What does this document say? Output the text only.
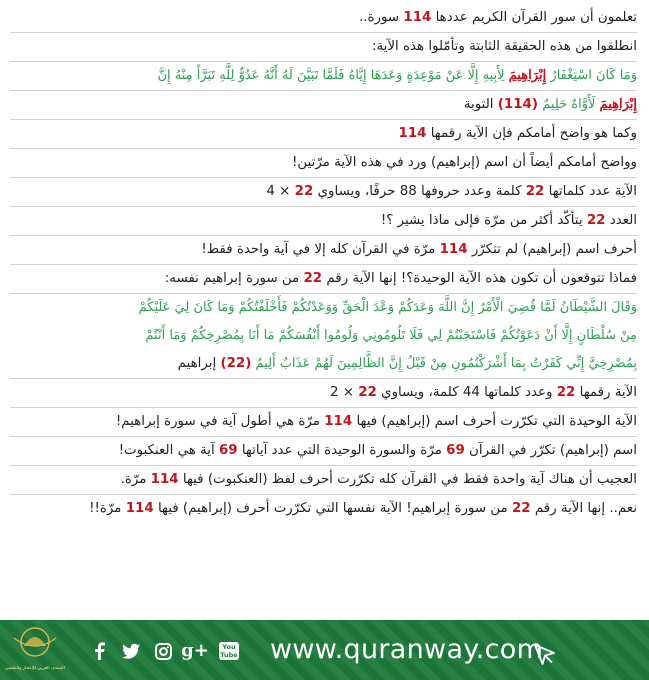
تعلمون أن سور القرآن الكريم عددها 114 سورة..
انطلقوا من هذه الحقيقة الثابتة وتأمّلوا هذه الآية:
وَمَا كَانَ اسْتِغْفَارُ إِبْرَاهِيمَ لِأَبِيهِ إِلَّا عَنْ مَوْعِدَةٍ وَعَدَهَا إِيَّاهُ فَلَمَّا تَبَيَّنَ لَهُ أَنَّهُ عَدُوٌّ لِلَّهِ تَبَرَّأَ مِنْهُ إِنَّ
إِبْرَاهِيمَ لَأَوَّاهٌ حَلِيمٌ (114) التوبة
وكما هو واضح أمامكم فإن الآية رقمها 114
وواضح أمامكم أيضاً أن اسم (إبراهيم) ورد في هذه الآية مرّتين!
الآية عدد كلماتها 22 كلمة وعدد حروفها 88 حرفًا، ويساوي 22 × 4
العدد 22 يتأكّد أكثر من مرّة فإلى ماذا يشير ؟!
أحرف اسم (إبراهيم) لم تتكرّر 114 مرّة في القرآن كله إلا في آية واحدة فقط!
فماذا تتوقعون أن تكون هذه الآية الوحيدة؟! إنها الآية رقم 22 من سورة إبراهيم نفسه:
وَقَالَ الشَّيْطَانُ لَمَّا قُضِيَ الْأَمْرُ إِنَّ اللَّهَ وَعَدَكُمْ وَعْدَ الْحَقِّ وَوَعَدْتُكُمْ فَأَخْلَفْتُكُمْ وَمَا كَانَ لِيَ عَلَيْكُمْ
مِنْ سُلْطَانٍ إِلَّا أَنْ دَعَوْتُكُمْ فَاسْتَجَبْتُمْ لِي فَلَا تَلُومُونِي وَلُومُوا أَنْفُسَكُمْ مَا أَنَا بِمُصْرِخِكُمْ وَمَا أَنْتُمْ
بِمُصْرِخِيَّ إِنِّي كَفَرْتُ بِمَا أَشْرَكْتُمُونِ مِنْ قَبْلُ إِنَّ الظَّالِمِينَ لَهُمْ عَذَابٌ أَلِيمٌ (22) إبراهيم
الآية رقمها 22 وعدد كلماتها 44 كلمة، ويساوي 22 × 2
الآية الوحيدة التي تكرّرت أحرف اسم (إبراهيم) فيها 114 مرّة هي أطول آية في سورة إبراهيم!
اسم (إبراهيم) تكرّر في القرآن 69 مرّة والسورة الوحيدة التي عدد آياتها 69 آية هي العنكبوت!
العجيب أن هناك آية واحدة فقط في القرآن كله تكرّرت أحرف لفظ (العنكبوت) فيها 114 مرّة.
نعم.. إنها الآية رقم 22 من سورة إبراهيم! الآية نفسها التي تكرّرت أحرف (إبراهيم) فيها 114 مرّة!!
المنتدى العربي للإعجاز والتفسير
g+	You Tube www.quranway.com
